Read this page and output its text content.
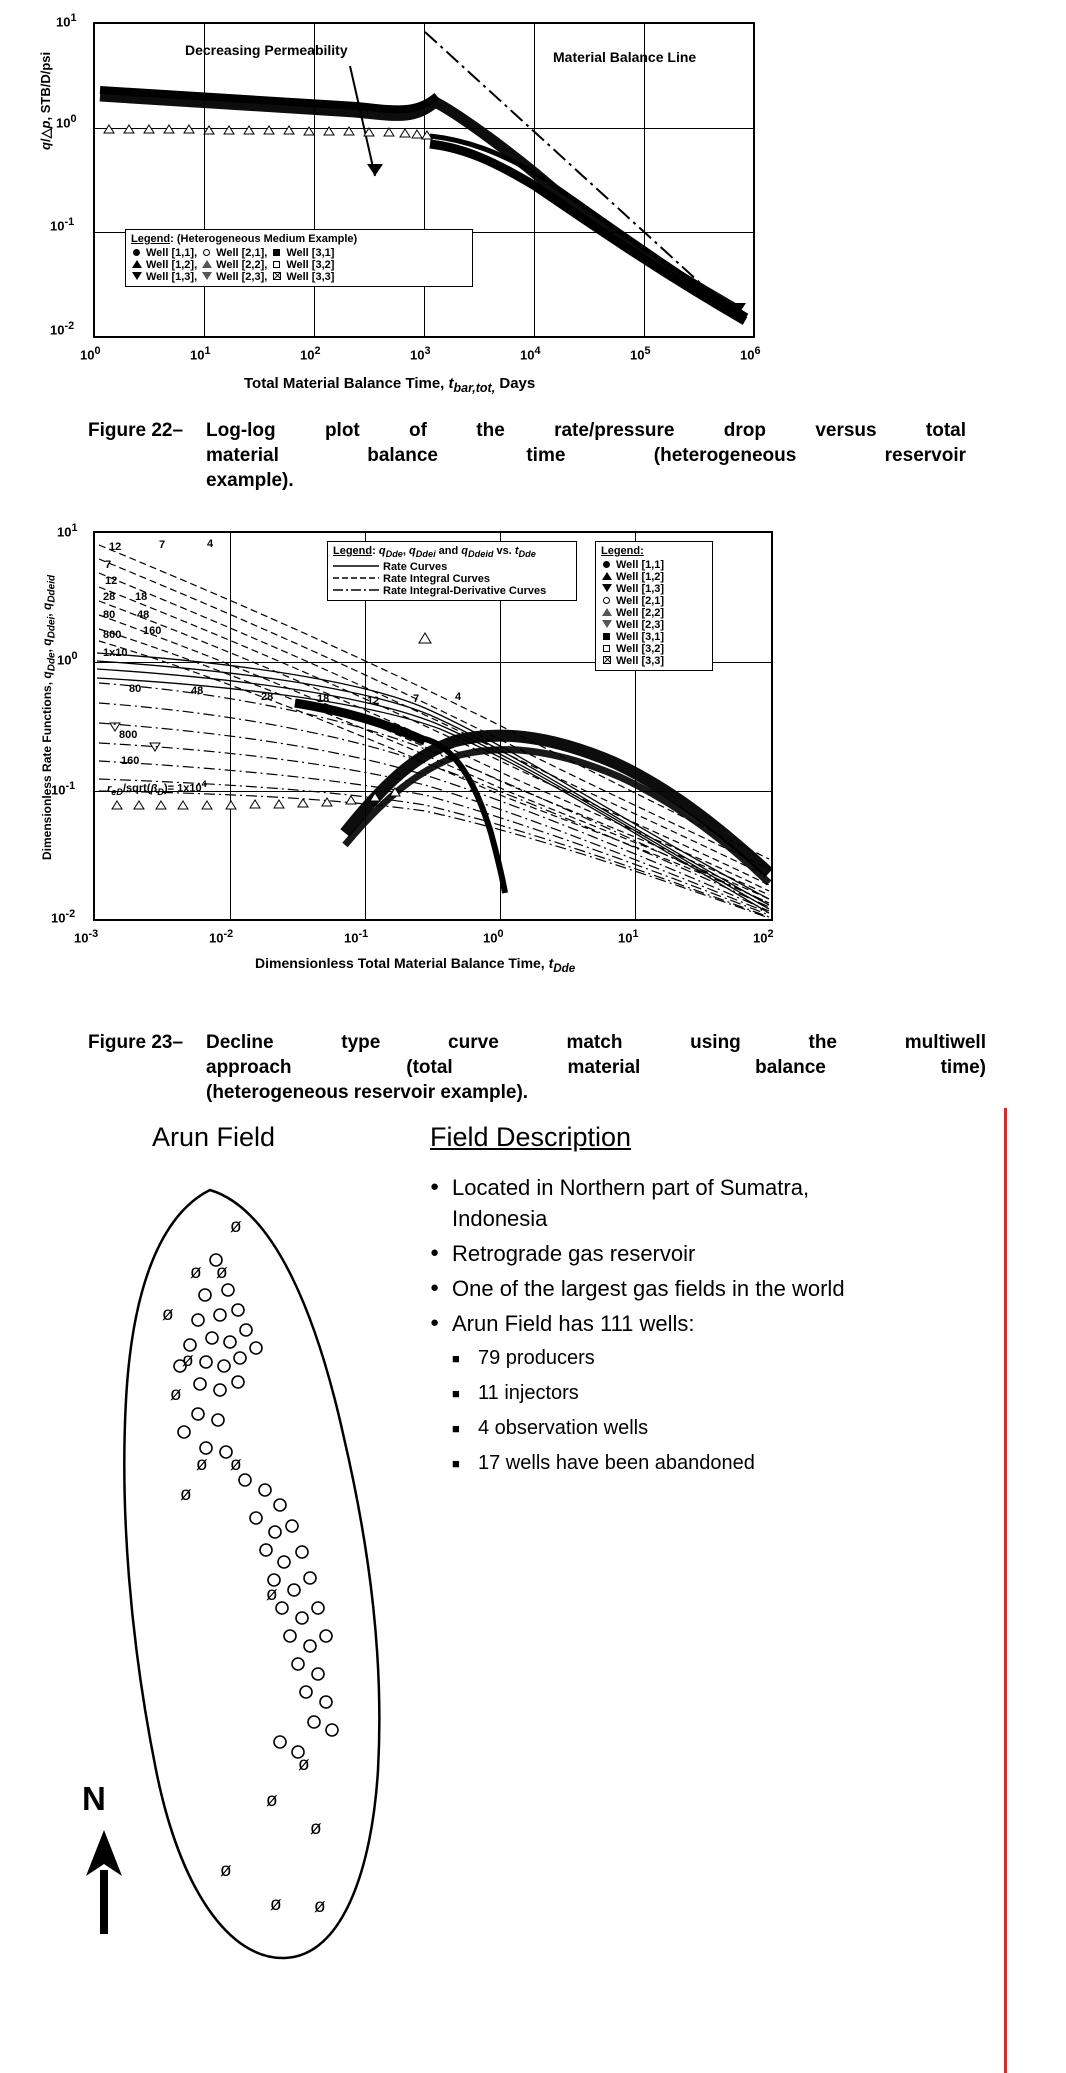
q/△p, STB/D/psi
$10^1$
$10^0$
$10^{-1}$
$10^{-2}$
Legend: (Heterogeneous Medium Example)
	Well [1,1],		Well [2,1],		Well [3,1]
	Well [1,2],		Well [2,2],		Well [3,2]
	Well [1,3],		Well [2,3],		Well [3,3]
Decreasing Permeability	Material Balance Line
$10^0$	$10^1$	$10^2$	$10^3$	$10^4$	$10^5$	$10^6$
Total Material Balance Time, $t_{bar,tot,}$ Days
Figure 22– Log-log plot of the rate/pressure drop versus total
material balance time (heterogeneous reservoir
example).
Dimensionless Rate Functions, $q_{Dde}$, $q_{Ddei}$, $q_{Ddeid}$
$10^1$
$10^0$
$10^{-1}$
$10^{-2}$
12	7	4
7
12
28 18
80 48
800 160
1x10
80	48	28	18	12	7	4
800
160
$r_{eD}/sqrt(\beta_D)= 1x10^4$
Legend: $q_{Dde}$, $q_{Ddei}$ and $q_{Ddeid}$ vs. $t_{Dde}$
	Rate Curves
	Rate Integral Curves
	Rate Integral-Derivative Curves
Legend:
	Well [1,1]
	Well [1,2]
	Well [1,3]
	Well [2,1]
	Well [2,2]
	Well [2,3]
	Well [3,1]
	Well [3,2]
	Well [3,3]
$10^{-3}$	$10^{-2}$	$10^{-1}$	$10^0$	$10^1$	$10^2$
Dimensionless Total Material Balance Time, $t_{Dde}$
Figure 23– Decline type curve match using the multiwell
approach (total material balance time)
(heterogeneous reservoir example).
Arun Field	Field Description
ø
ø
ø
ø
ø
ø
ø
ø
ø
ø
ø
ø
ø
ø
ø ø
N
● Located in Northern part of Sumatra, Indonesia
● Retrograde gas reservoir
● One of the largest gas fields in the world
● Arun Field has 111 wells:
■ 79 producers
■ 11 injectors
■ 4 observation wells
■ 17 wells have been abandoned
